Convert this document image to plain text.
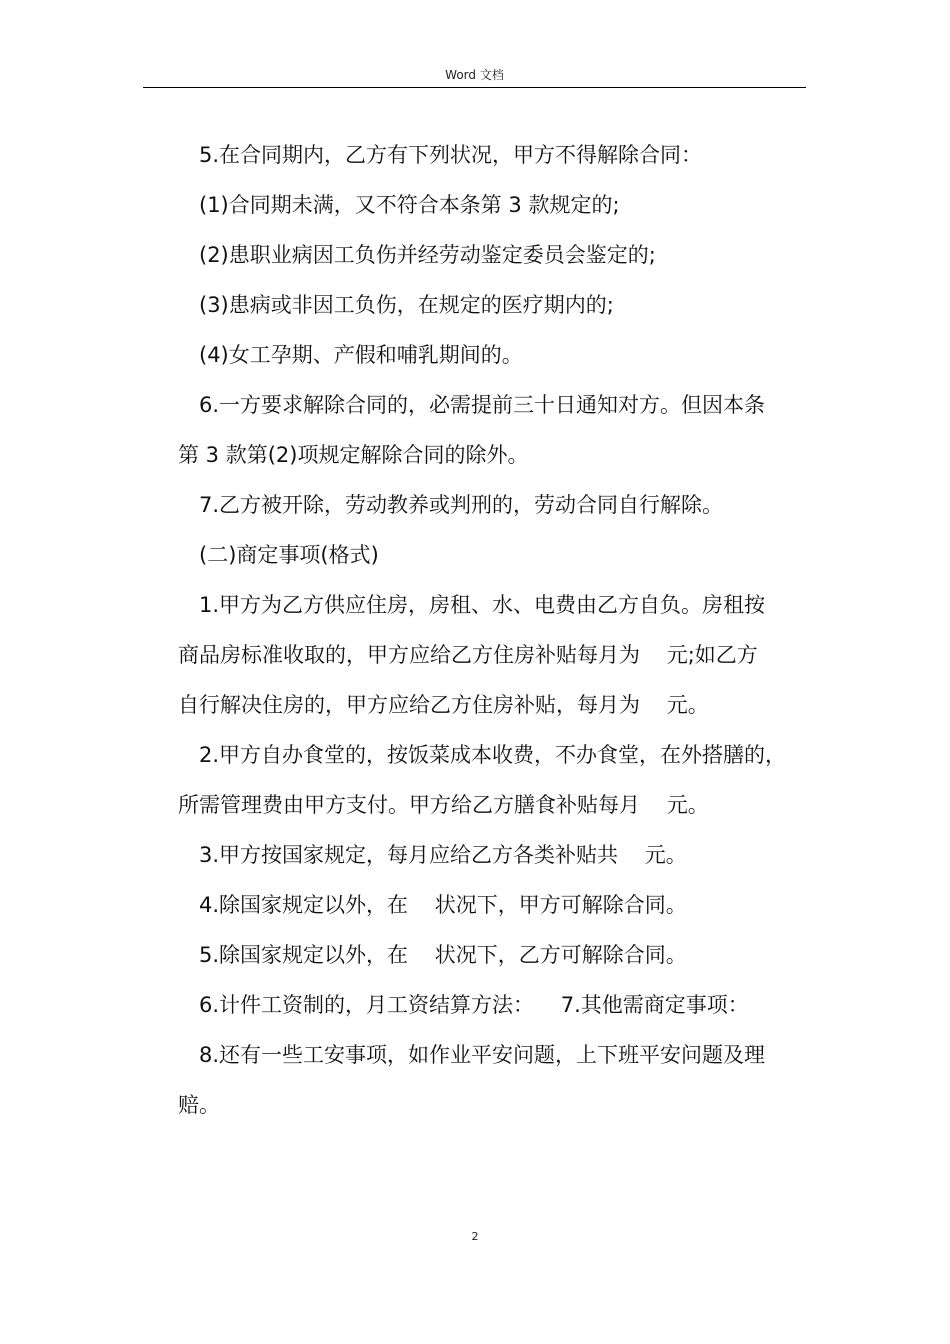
Word 文档

5.在合同期内，乙方有下列状况，甲方不得解除合同：

(1)合同期未满，又不符合本条第 3 款规定的;

(2)患职业病因工负伤并经劳动鉴定委员会鉴定的;

(3)患病或非因工负伤，在规定的医疗期内的;

(4)女工孕期、产假和哺乳期间的。

6.一方要求解除合同的，必需提前三十日通知对方。但因本条

第 3 款第(2)项规定解除合同的除外。

7.乙方被开除，劳动教养或判刑的，劳动合同自行解除。

(二)商定事项(格式)

1.甲方为乙方供应住房，房租、水、电费由乙方自负。房租按

商品房标准收取的，甲方应给乙方住房补贴每月为    元;如乙方

自行解决住房的，甲方应给乙方住房补贴，每月为    元。

2.甲方自办食堂的，按饭菜成本收费，不办食堂，在外搭膳的，

所需管理费由甲方支付。甲方给乙方膳食补贴每月    元。

3.甲方按国家规定，每月应给乙方各类补贴共    元。

4.除国家规定以外，在    状况下，甲方可解除合同。

5.除国家规定以外，在    状况下，乙方可解除合同。

6.计件工资制的，月工资结算方法：    7.其他需商定事项：

8.还有一些工安事项，如作业平安问题，上下班平安问题及理

赔。

2
